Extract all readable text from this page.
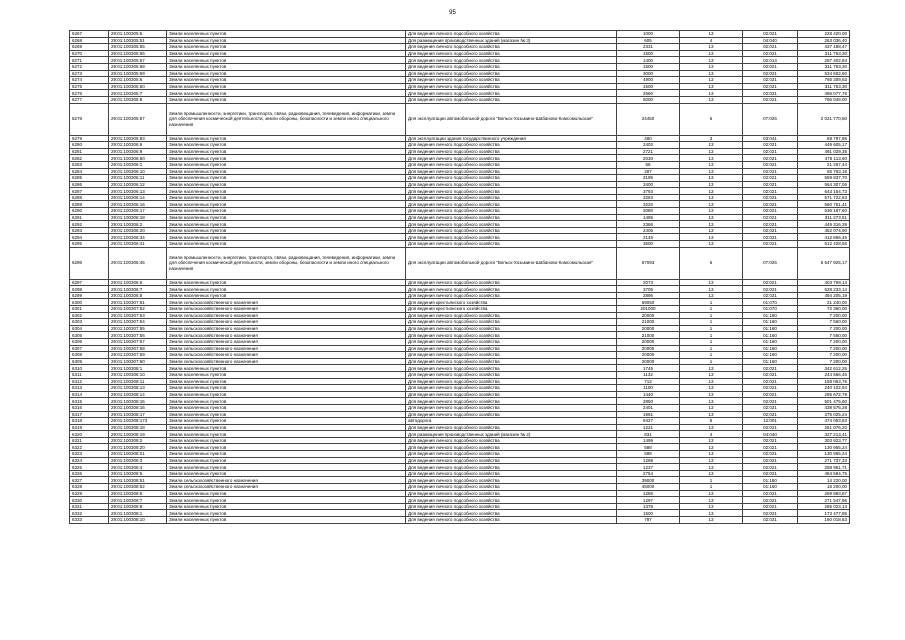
95
6267	29:01:100305:5	Земли населенных пунктов	Для ведения личного подсобного хозяйства	1000	13	02:021	228 420,00
6268	29:01:100305:51	Земли населенных пунктов	Для размещения производственных зданий (магазин № 3)	605	4	04:040	263 036,40
6269	29:01:100305:55	Земли населенных пунктов	Для ведения личного подсобного хозяйства	2331	13	02:021	437 188,47
6270	29:01:100305:56	Земли населенных пунктов	Для ведения личного подсобного хозяйства	1500	13	02:021	311 753,30
6271	29:01:100305:57	Земли населенных пунктов	Для ведения личного подсобного хозяйства	1400	13	02:014	297 402,84
6272	29:01:100305:58	Земли населенных пунктов	Для ведения личного подсобного хозяйства	1500	13	02:021	311 753,30
6273	29:01:100305:59	Земли населенных пунктов	Для ведения личного подсобного хозяйства	3000	13	02:021	534 602,60
6274	29:01:100305:6	Земли населенных пунктов	Для ведения личного подсобного хозяйства	4900	13	02:021	765 309,63
6275	29:01:100305:60	Земли населенных пунктов	Для ведения личного подсобного хозяйства	1500	13	02:021	311 753,30
6276	29:01:100305:7	Земли населенных пунктов	Для ведения личного подсобного хозяйства	2660	13	02:021	486 077,76
6277	29:01:100305:8	Земли населенных пунктов	Для ведения личного подсобного хозяйства	5000	13	02:021	786 049,00
6278	29:01:100305:67	Земли промышленности, энергетики, транспорта, связи, радиовещания, телевидения, информатики, земли для обеспечения космической деятельности, земли обороны, безопасности и земли иного специального назначения	Для эксплуатации автомобильной дороги "Вельск-Хозьмино-Шабаново-Комсомольская"	24450	6	07:026	2 021 770,50
6279	29:01:100305:83	Земли населенных пунктов	Для эксплуатации здания государственного учреждения	480	3	03:041	69 797,85
6280	29:01:100306:6	Земли населенных пунктов	Для ведения личного подсобного хозяйства	2402	13	02:021	449 605,17
6281	29:01:100306:9	Земли населенных пунктов	Для ведения личного подсобного хозяйства	2721	13	02:021	491 029,35
6282	29:01:100306:60	Земли населенных пунктов	Для ведения личного подсобного хозяйства	2030	13	02:021	475 113,60
6283	29:01:100306:1	Земли населенных пунктов	Для ведения личного подсобного хозяйства	56	13	02:021	21 267,44
6284	29:01:100306:10	Земли населенных пунктов	Для ведения личного подсобного хозяйства	287	13	02:021	65 763,18
6285	29:01:100306:11	Земли населенных пунктов	Для ведения личного подсобного хозяйства	3195	13	02:021	559 837,70
6286	29:01:100306:12	Земли населенных пунктов	Для ведения личного подсобного хозяйства	3400	13	02:021	564 307,06
6287	29:01:100306:13	Земли населенных пунктов	Для ведения личного подсобного хозяйства	3793	13	02:021	643 154,73
6288	29:01:100306:14	Земли населенных пунктов	Для ведения личного подсобного хозяйства	3283	13	02:021	571 722,63
6289	29:01:100306:16	Земли населенных пунктов	Для ведения личного подсобного хозяйства	3220	13	02:021	560 751,41
6290	29:01:100306:17	Земли населенных пунктов	Для ведения личного подсобного хозяйства	3080	13	02:021	536 187,60
6291	29:01:100306:18	Земли населенных пунктов	Для ведения личного подсобного хозяйства	1495	13	02:021	311 273,51
6292	29:01:100306:2	Земли населенных пунктов	Для ведения личного подсобного хозяйства	2386	13	02:021	449 316,39
6293	29:01:100306:20	Земли населенных пунктов	Для ведения личного подсобного хозяйства	2406	13	02:021	452 074,90
6294	29:01:100306:34	Земли населенных пунктов	Для ведения личного подсобного хозяйства	2145	13	02:021	412 866,45
6295	29:01:100306:41	Земли населенных пунктов	Для ведения личного подсобного хозяйства	3600	13	02:021	612 428,56
6296	29:01:100306:45	Земли промышленности, энергетики, транспорта, связи, радиовещания, телевидения, информатики, земли для обеспечения космической деятельности, земли обороны, безопасности и земли иного специального назначения	Для эксплуатации автомобильной дороги "Вельск-Хозьмино-Шабаново-Комсомольская"	67093	6	07:026	5 547 925,17
6297	29:01:100306:6	Земли населенных пунктов	Для ведения личного подсобного хозяйства	2073	13	02:021	403 759,14
6298	29:01:100306:7	Земли населенных пунктов	Для ведения личного подсобного хозяйства	3705	13	02:021	628 233,14
6299	29:01:100306:8	Земли населенных пунктов	Для ведения личного подсобного хозяйства	2896	13	02:021	494 205,19
6300	29:01:100307:51	Земли сельскохозяйственного назначения	Для ведения крестьянского хозяйства	59050	1	01:070	21 240,00
6301	29:01:100307:52	Земли сельскохозяйственного назначения	Для ведения крестьянского хозяйства	201000	1	01:070	72 360,00
6302	29:01:100307:53	Земли сельскохозяйственного назначения	Для ведения личного подсобного хозяйства	20000	1	01:160	7 200,00
6303	29:01:100307:54	Земли сельскохозяйственного назначения	Для ведения личного подсобного хозяйства	21000	1	01:160	7 560,00
6304	29:01:100307:55	Земли сельскохозяйственного назначения	Для ведения личного подсобного хозяйства	20000	1	01:160	7 200,00
6305	29:01:100307:56	Земли сельскохозяйственного назначения	Для ведения личного подсобного хозяйства	21000	1	01:160	7 560,00
6306	29:01:100307:57	Земли сельскохозяйственного назначения	Для ведения личного подсобного хозяйства	20000	1	01:160	7 200,00
6307	29:01:100307:58	Земли сельскохозяйственного назначения	Для ведения личного подсобного хозяйства	20000	1	01:160	7 200,00
6308	29:01:100307:59	Земли сельскохозяйственного назначения	Для ведения личного подсобного хозяйства	20000	1	01:160	7 200,00
6309	29:01:100307:60	Земли сельскохозяйственного назначения	Для ведения личного подсобного хозяйства	20000	1	01:160	7 200,00
6310	29:01:100308:1	Земли населенных пунктов	Для ведения личного подсобного хозяйства	1745	13	02:021	342 612,26
6311	29:01:100308:10	Земли населенных пунктов	Для ведения личного подсобного хозяйства	1132	13	02:021	244 566,45
6312	29:01:100308:11	Земли населенных пунктов	Для ведения личного подсобного хозяйства	712	13	02:021	158 063,76
6313	29:01:100308:13	Земли населенных пунктов	Для ведения личного подсобного хозяйства	1100	13	02:021	240 102,94
6314	29:01:100308:14	Земли населенных пунктов	Для ведения личного подсобного хозяйства	1440	13	02:021	295 672,79
6315	29:01:100308:15	Земли населенных пунктов	Для ведения личного подсобного хозяйства	2850	13	02:021	501 475,60
6316	29:01:100308:16	Земли населенных пунктов	Для ведения личного подсобного хозяйства	2401	13	02:021	438 575,28
6317	29:01:100308:17	Земли населенных пунктов	Для ведения личного подсобного хозяйства	1961	13	02:021	375 025,24
6318	29:01:100308:173	Земли населенных пунктов	автодорога	9427	6	12:001	474 053,63
6319	29:01:100308:18	Земли населенных пунктов	Для ведения личного подсобного хозяйства	1221	13	02:021	261 076,20
6320	29:01:100308:19	Земли населенных пунктов	Для размещения производственных зданий (магазин № 2)	831	4	04:040	327 213,41
6321	29:01:100308:2	Земли населенных пунктов	Для ведения личного подсобного хозяйства	1499	13	02:021	303 823,77
6322	29:01:100308:20	Земли населенных пунктов	Для ведения личного подсобного хозяйства	588	13	02:021	130 955,24
6323	29:01:100308:21	Земли населенных пунктов	Для ведения личного подсобного хозяйства	588	13	02:021	130 955,24
6324	29:01:100308:3	Земли населенных пунктов	Для ведения личного подсобного хозяйства	1298	13	02:021	271 737,33
6325	29:01:100308:4	Земли населенных пунктов	Для ведения личного подсобного хозяйства	1237	13	02:021	258 961,71
6326	29:01:100308:5	Земли населенных пунктов	Для ведения личного подсобного хозяйства	2754	13	02:021	484 584,75
6327	29:01:100308:51	Земли сельскохозяйственного назначения	Для ведения личного подсобного хозяйства	39000	1	01:160	14 220,00
6328	29:01:100308:52	Земли сельскохозяйственного назначения	Для ведения личного подсобного хозяйства	45000	1	01:160	16 200,00
6329	29:01:100308:6	Земли населенных пунктов	Для ведения личного подсобного хозяйства	1286	13	02:021	269 893,67
6330	29:01:100308:7	Земли населенных пунктов	Для ведения личного подсобного хозяйства	1297	13	02:021	271 547,96
6331	29:01:100308:8	Земли населенных пунктов	Для ведения личного подсобного хозяйства	1376	13	02:021	285 023,13
6332	29:01:100308:1	Земли населенных пунктов	Для ведения личного подсобного хозяйства	1500	13	02:021	173 477,85
6333	29:01:100308:10	Земли населенных пунктов	Для ведения личного подсобного хозяйства	787	13	02:021	160 018,63
